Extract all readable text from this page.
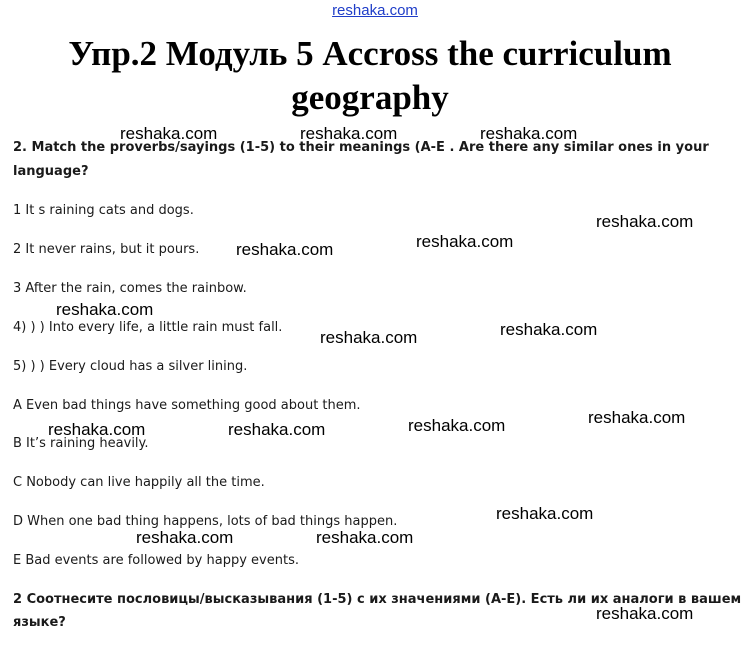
reshaka.com
Упр.2 Модуль 5 Accross the curriculum
geography
2. Match the proverbs/sayings (1-5) to their meanings (A-E . Are there any similar ones in your
language?
1 It s raining cats and dogs.
2 It never rains, but it pours.
3 After the rain, comes the rainbow.
4) ) ) Into every life, a little rain must fall.
5) ) ) Every cloud has a silver lining.
A Even bad things have something good about them.
B It’s raining heavily.
C Nobody can live happily all the time.
D When one bad thing happens, lots of bad things happen.
E Bad events are followed by happy events.
2 Соотнесите пословицы/высказывания (1-5) с их значениями (A-E). Есть ли их аналоги в вашем
языке?
reshaka.com	reshaka.com	reshaka.com
reshaka.com
reshaka.com
reshaka.com
reshaka.com
reshaka.com
reshaka.com
reshaka.com
reshaka.com
reshaka.com	reshaka.com
reshaka.com
reshaka.com	reshaka.com
reshaka.com
